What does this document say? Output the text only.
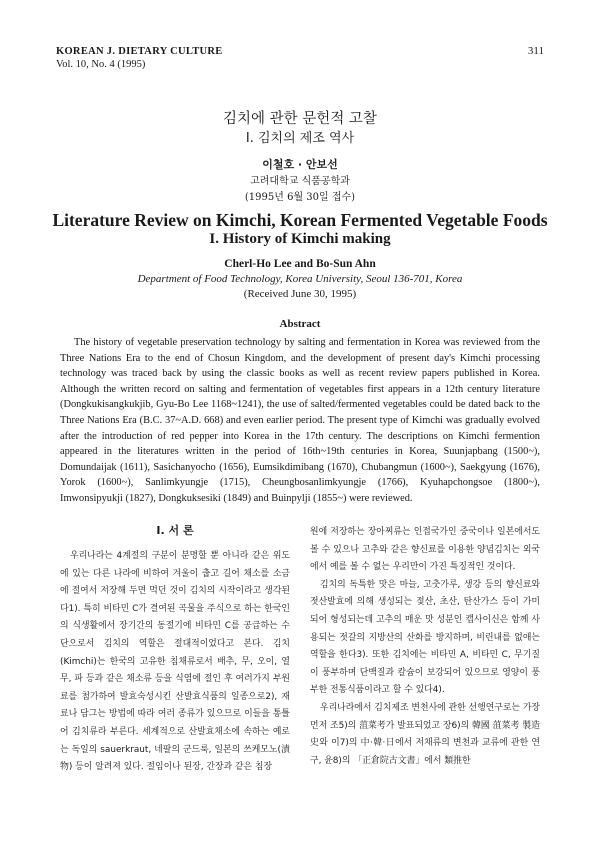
KOREAN J. DIETARY CULTURE
Vol. 10, No. 4 (1995)
311
김치에 관한 문헌적 고찰
I. 김치의 제조 역사
이철호 · 안보선
고려대학교 식품공학과
(1995년 6월 30일 접수)
Literature Review on Kimchi, Korean Fermented Vegetable Foods
I. History of Kimchi making
Cherl-Ho Lee and Bo-Sun Ahn
Department of Food Technology, Korea University, Seoul 136-701, Korea
(Received June 30, 1995)
Abstract
The history of vegetable preservation technology by salting and fermentation in Korea was reviewed from the Three Nations Era to the end of Chosun Kingdom, and the development of present day's Kimchi processing technology was traced back by using the classic books as well as recent review papers published in Korea. Although the written record on salting and fermentation of vegetables first appears in a 12th century literature (Dongkukisangkukjib, Gyu-Bo Lee 1168~1241), the use of salted/fermented vegetables could be dated back to the Three Nations Era (B.C. 37~A.D. 668) and even earlier period. The present type of Kimchi was gradually evolved after the introduction of red pepper into Korea in the 17th century. The descriptions on Kimchi fermention appeared in the literatures written in the period of 16th~19th centuries in Korea, Suunjapbang (1500~), Domundaijak (1611), Sasichanyocho (1656), Eumsikdimibang (1670), Chubangmun (1600~), Saekgyung (1676), Yorok (1600~), Sanlimkyungje (1715), Cheungbosanlimkyungje (1766), Kyuhapchongsoe (1800~), Imwonsipyukji (1827), Dongkuksesiki (1849) and Buinpylji (1855~) were reviewed.
I. 서 론

우리나라는 4계절의 구분이 분명할 뿐 아니라 같은 위도에 있는 다른 나라에 비하여 겨울이 춥고 길어 채소를 소금에 절여서 저장해 두면 먹던 것이 김치의 시작이라고 생각된다1). 특히 비타민 C가 결여된 곡물을 주식으로 하는 한국인의 식생활에서 장기간의 동절기에 비타민 C를 공급하는 수단으로서 김치의 역할은 절대적이었다고 본다. 김치(Kimchi)는 한국의 고유한 침채류로서 배추, 무, 오이, 열무, 파 등과 같은 채소류 등을 식염에 절인 후 여러가지 부원료를 첨가하여 발효숙성시킨 산발효식품의 일종으로2), 재료나 담그는 방법에 따라 여러 종류가 있으므로 이들을 통틀어 김치류라 부른다. 세계적으로 산발효채소에 속하는 예로는 독일의 sauerkraut, 네팔의 군드룩, 일본의 쓰케모노(漬物) 등이 알려져 있다. 절임이나 된장, 간장과 같은 침장

원에 저장하는 장아찌류는 인접국가인 중국이나 일본에서도 볼 수 있으나 고추와 같은 향신료를 이용한 양념김치는 외국에서 예를 볼 수 없는 우리만이 가진 특징적인 것이다.

김치의 독특한 맛은 마늘, 고춧가루, 생강 등의 향신료와 젓산발효에 의해 생성되는 젖산, 초산, 탄산가스 등이 가미되어 형성되는데 고추의 매운 맛 성분인 캡사이신은 함께 사용되는 젓갈의 지방산의 산화를 방지하며, 비린내를 없애는 역할을 한다3). 또한 김치에는 비타민 A, 비타민 C, 무기질이 풍부하며 단백질과 칼슘이 보강되어 있으므로 영양이 풍부한 전통식품이라고 할 수 있다4).

우리나라에서 김치제조 변천사에 관한 선행연구로는 가장 먼저 조5)의 菹菜考가 발표되었고 장6)의 韓國 菹菜考 製造史와 이7)의 中·韓·日에서 저채류의 변천과 교류에 관한 연구, 윤8)의 「正倉院古文書」에서 類推한
